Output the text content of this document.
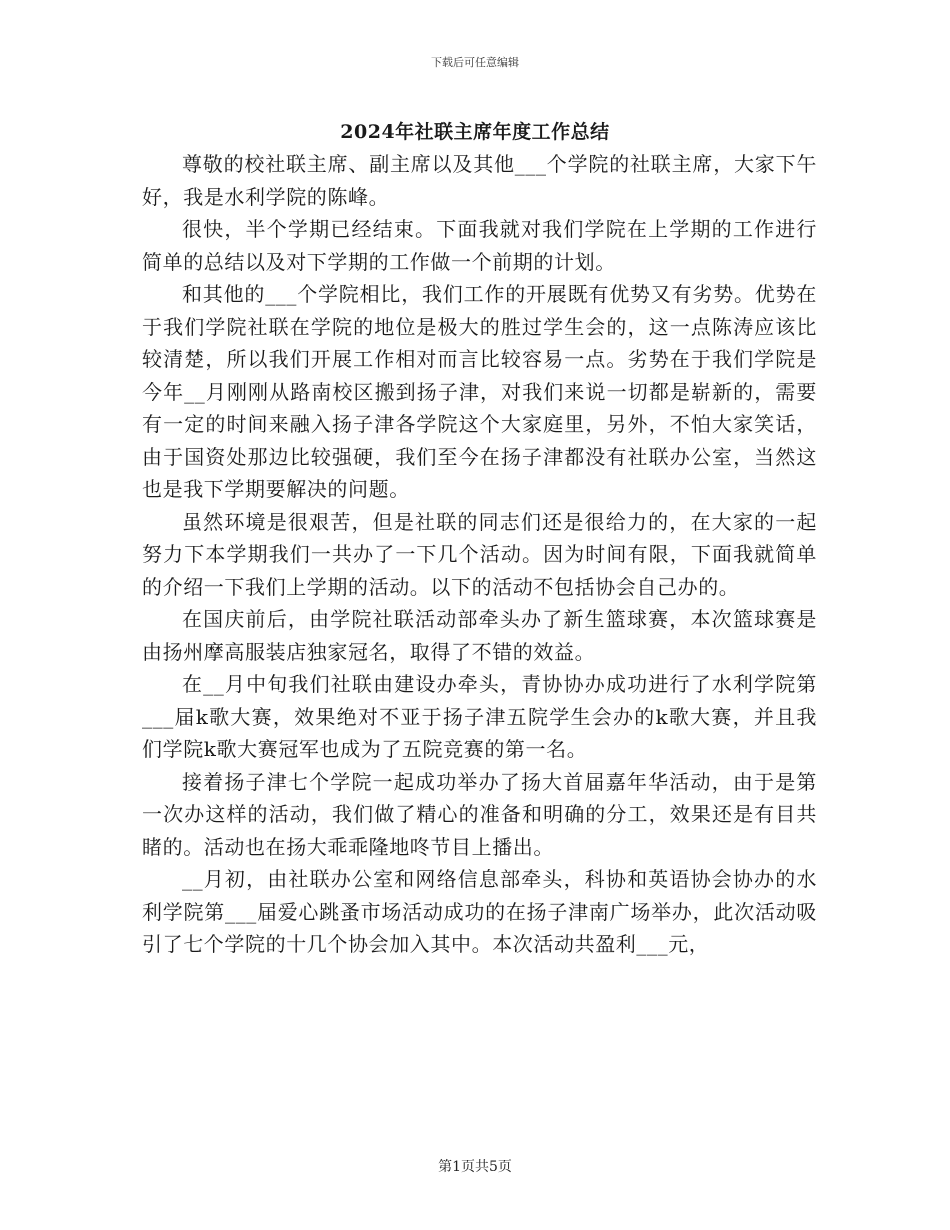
下载后可任意编辑
2024年社联主席年度工作总结

尊敬的校社联主席、副主席以及其他___个学院的社联主席，大家下午好，我是水利学院的陈峰。

很快，半个学期已经结束。下面我就对我们学院在上学期的工作进行简单的总结以及对下学期的工作做一个前期的计划。

和其他的___个学院相比，我们工作的开展既有优势又有劣势。优势在于我们学院社联在学院的地位是极大的胜过学生会的，这一点陈涛应该比较清楚，所以我们开展工作相对而言比较容易一点。劣势在于我们学院是今年__月刚刚从路南校区搬到扬子津，对我们来说一切都是崭新的，需要有一定的时间来融入扬子津各学院这个大家庭里，另外，不怕大家笑话，由于国资处那边比较强硬，我们至今在扬子津都没有社联办公室，当然这也是我下学期要解决的问题。

虽然环境是很艰苦，但是社联的同志们还是很给力的，在大家的一起努力下本学期我们一共办了一下几个活动。因为时间有限，下面我就简单的介绍一下我们上学期的活动。以下的活动不包括协会自己办的。

在国庆前后，由学院社联活动部牵头办了新生篮球赛，本次篮球赛是由扬州摩高服装店独家冠名，取得了不错的效益。

在__月中旬我们社联由建设办牵头，青协协办成功进行了水利学院第___届k歌大赛，效果绝对不亚于扬子津五院学生会办的k歌大赛，并且我们学院k歌大赛冠军也成为了五院竞赛的第一名。

接着扬子津七个学院一起成功举办了扬大首届嘉年华活动，由于是第一次办这样的活动，我们做了精心的准备和明确的分工，效果还是有目共睹的。活动也在扬大乖乖隆地咚节目上播出。

__月初，由社联办公室和网络信息部牵头，科协和英语协会协办的水利学院第___届爱心跳蚤市场活动成功的在扬子津南广场举办，此次活动吸引了七个学院的十几个协会加入其中。本次活动共盈利___元，

第1页共5页
